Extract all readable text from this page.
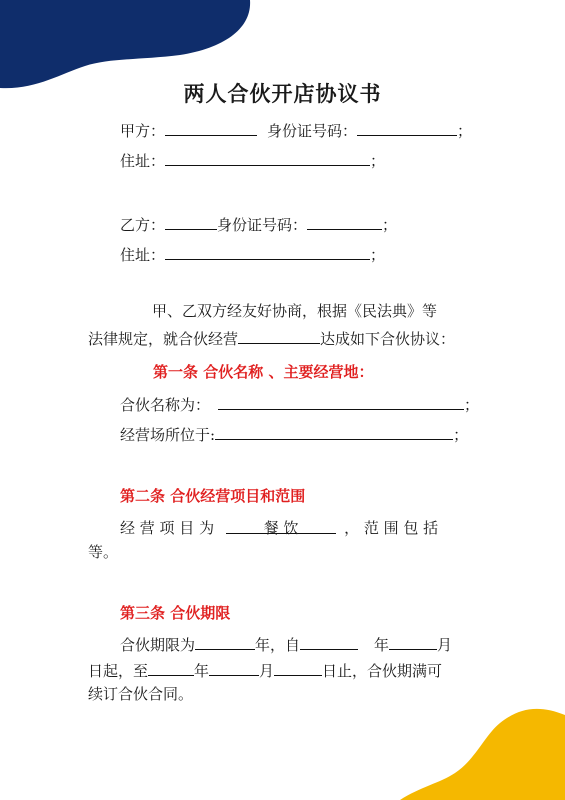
两人合伙开店协议书
甲方：	身份证号码：	；
住址：	；
乙方：	身份证号码：	；
住址：	；
甲、乙双方经友好协商，根据《民法典》等
法律规定，就合伙经营	达成如下合伙协议：
第一条 合伙名称 、主要经营地：
合伙名称为：	；
经营场所位于:	；
第二条 合伙经营项目和范围
经 营 项 目 为	餐 饮	， 范 围 包 括
等。
第三条 合伙期限
合伙期限为	年，自	年	月
日起，至	年	月	日止，合伙期满可
续订合伙合同。
